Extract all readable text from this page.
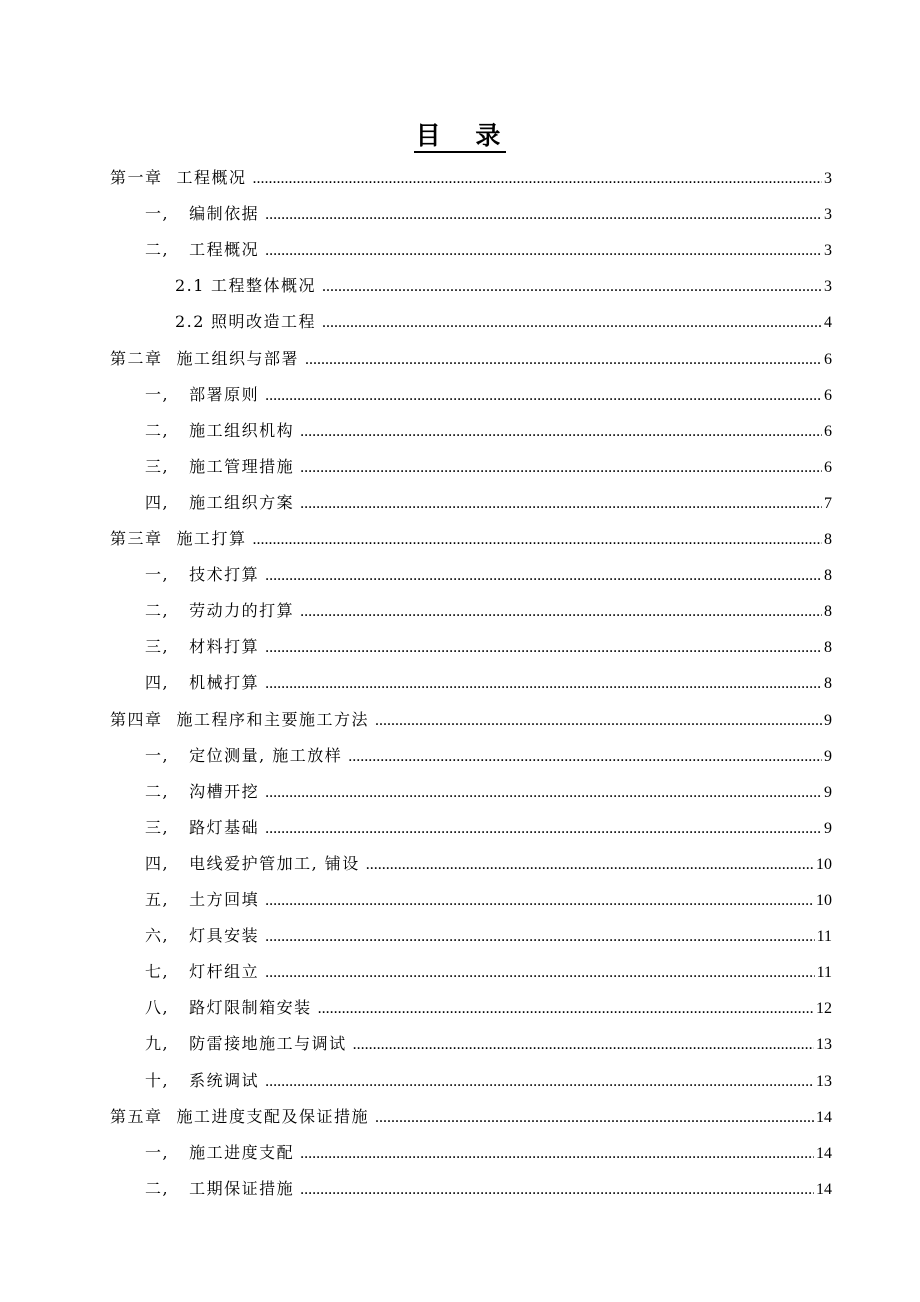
目 录
第一章 工程概况 .....	3
一, 编制依据 .....	3
二, 工程概况 .....	3
2.1 工程整体概况 .....	3
2.2 照明改造工程 .....	4
第二章 施工组织与部署 .....	6
一, 部署原则 .....	6
二, 施工组织机构 .....	6
三, 施工管理措施 .....	6
四, 施工组织方案 .....	7
第三章 施工打算 .....	8
一, 技术打算 .....	8
二, 劳动力的打算 .....	8
三, 材料打算 .....	8
四, 机械打算 .....	8
第四章 施工程序和主要施工方法 .....	9
一, 定位测量, 施工放样 .....	9
二, 沟槽开挖 .....	9
三, 路灯基础 .....	9
四, 电线爱护管加工, 铺设 .....	10
五, 土方回填 .....	10
六, 灯具安装 .....	11
七, 灯杆组立 .....	11
八, 路灯限制箱安装 .....	12
九, 防雷接地施工与调试 .....	13
十, 系统调试 .....	13
第五章 施工进度支配及保证措施 .....	14
一, 施工进度支配 .....	14
二, 工期保证措施 .....	14
